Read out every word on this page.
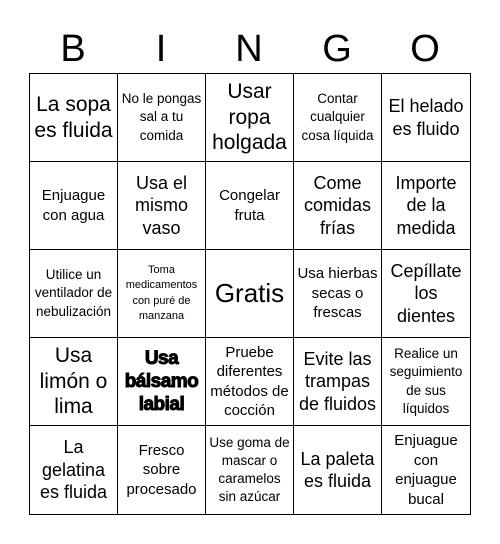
B	I	N	G	O
La sopa es fluida
No le pongas sal a tu comida
Usar ropa holgada
Contar cualquier cosa líquida
El helado es fluido
Enjuague con agua
Usa el mismo vaso
Congelar fruta
Come comidas frías
Importe de la medida
Utilice un ventilador de nebulización
Toma medicamentos con puré de manzana
Gratis
Usa hierbas secas o frescas
Cepíllate los dientes
Usa limón o lima
Usa bálsamo labial
Pruebe diferentes métodos de cocción
Evite las trampas de fluidos
Realice un seguimiento de sus líquidos
La gelatina es fluida
Fresco sobre procesado
Use goma de mascar o caramelos sin azúcar
La paleta es fluida
Enjuague con enjuague bucal
